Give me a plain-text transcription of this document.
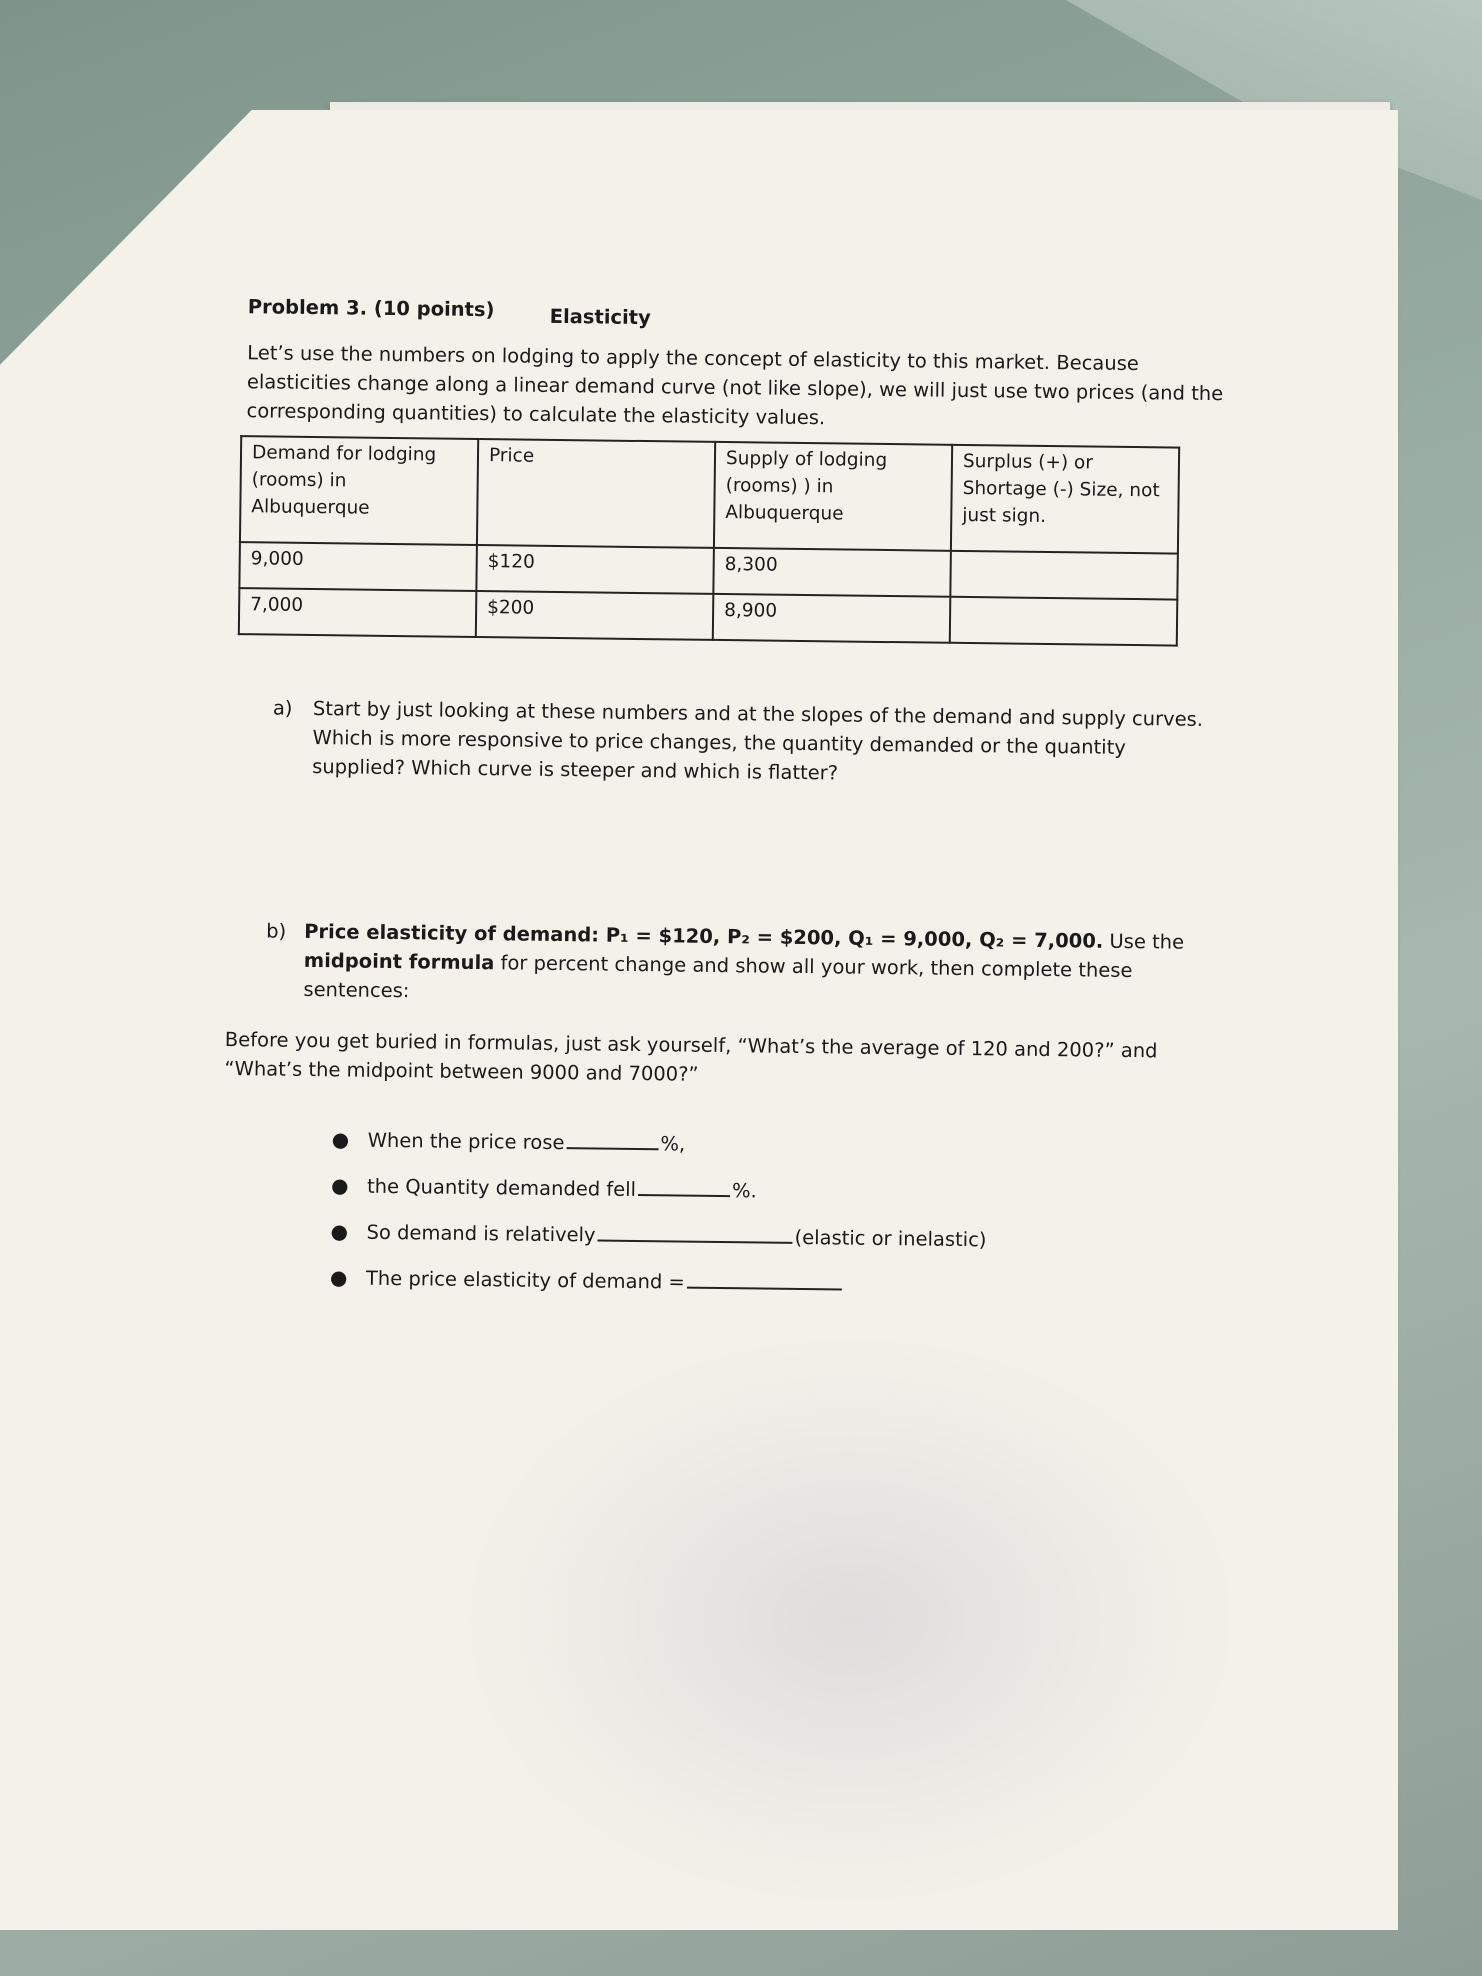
Problem 3. (10 points)	Elasticity
Let’s use the numbers on lodging to apply the concept of elasticity to this market. Because elasticities change along a linear demand curve (not like slope), we will just use two prices (and the corresponding quantities) to calculate the elasticity values.
Demand for lodging (rooms) in Albuquerque	Price	Supply of lodging (rooms) ) in Albuquerque	Surplus (+) or Shortage (-) Size, not just sign.
9,000	$120	8,300	
7,000	$200	8,900	
a)	Start by just looking at these numbers and at the slopes of the demand and supply curves. Which is more responsive to price changes, the quantity demanded or the quantity supplied? Which curve is steeper and which is flatter?
b) Price elasticity of demand: P₁ = $120, P₂ = $200, Q₁ = 9,000, Q₂ = 7,000. Use the midpoint formula for percent change and show all your work, then complete these sentences:
Before you get buried in formulas, just ask yourself, “What’s the average of 120 and 200?” and “What’s the midpoint between 9000 and 7000?”
● When the price rose	%,
● the Quantity demanded fell	%.
● So demand is relatively	(elastic or inelastic)
● The price elasticity of demand =
